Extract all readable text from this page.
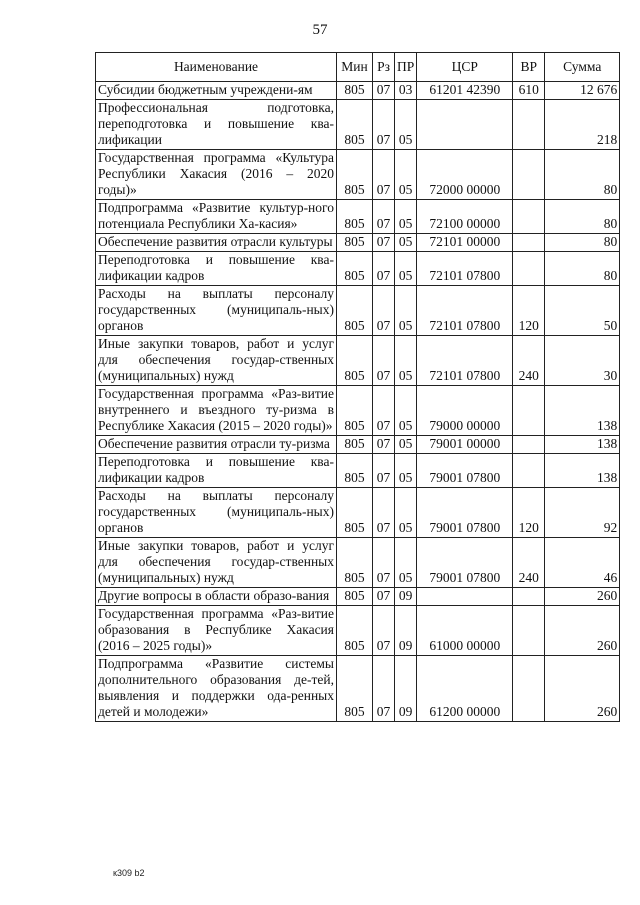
57
Наименование	Мин	Рз	ПР	ЦСР	ВР	Сумма
Субсидии бюджетным учреждени-ям	805	07	03	61201 42390	610	12 676
Профессиональная подготовка, переподготовка и повышение ква-лификации	805	07	05			218
Государственная программа «Культура Республики Хакасия (2016 – 2020 годы)»	805	07	05	72000 00000		80
Подпрограмма «Развитие культур-ного потенциала Республики Ха-касия»	805	07	05	72100 00000		80
Обеспечение развития отрасли культуры	805	07	05	72101 00000		80
Переподготовка и повышение ква-лификации кадров	805	07	05	72101 07800		80
Расходы на выплаты персоналу государственных (муниципаль-ных) органов	805	07	05	72101 07800	120	50
Иные закупки товаров, работ и услуг для обеспечения государ-ственных (муниципальных) нужд	805	07	05	72101 07800	240	30
Государственная программа «Раз-витие внутреннего и въездного ту-ризма в Республике Хакасия (2015 – 2020 годы)»	805	07	05	79000 00000		138
Обеспечение развития отрасли ту-ризма	805	07	05	79001 00000		138
Переподготовка и повышение ква-лификации кадров	805	07	05	79001 07800		138
Расходы на выплаты персоналу государственных (муниципаль-ных) органов	805	07	05	79001 07800	120	92
Иные закупки товаров, работ и услуг для обеспечения государ-ственных (муниципальных) нужд	805	07	05	79001 07800	240	46
Другие вопросы в области образо-вания	805	07	09			260
Государственная программа «Раз-витие образования в Республике Хакасия (2016 – 2025 годы)»	805	07	09	61000 00000		260
Подпрограмма «Развитие системы дополнительного образования де-тей, выявления и поддержки ода-ренных детей и молодежи»	805	07	09	61200 00000		260
к309 b2
